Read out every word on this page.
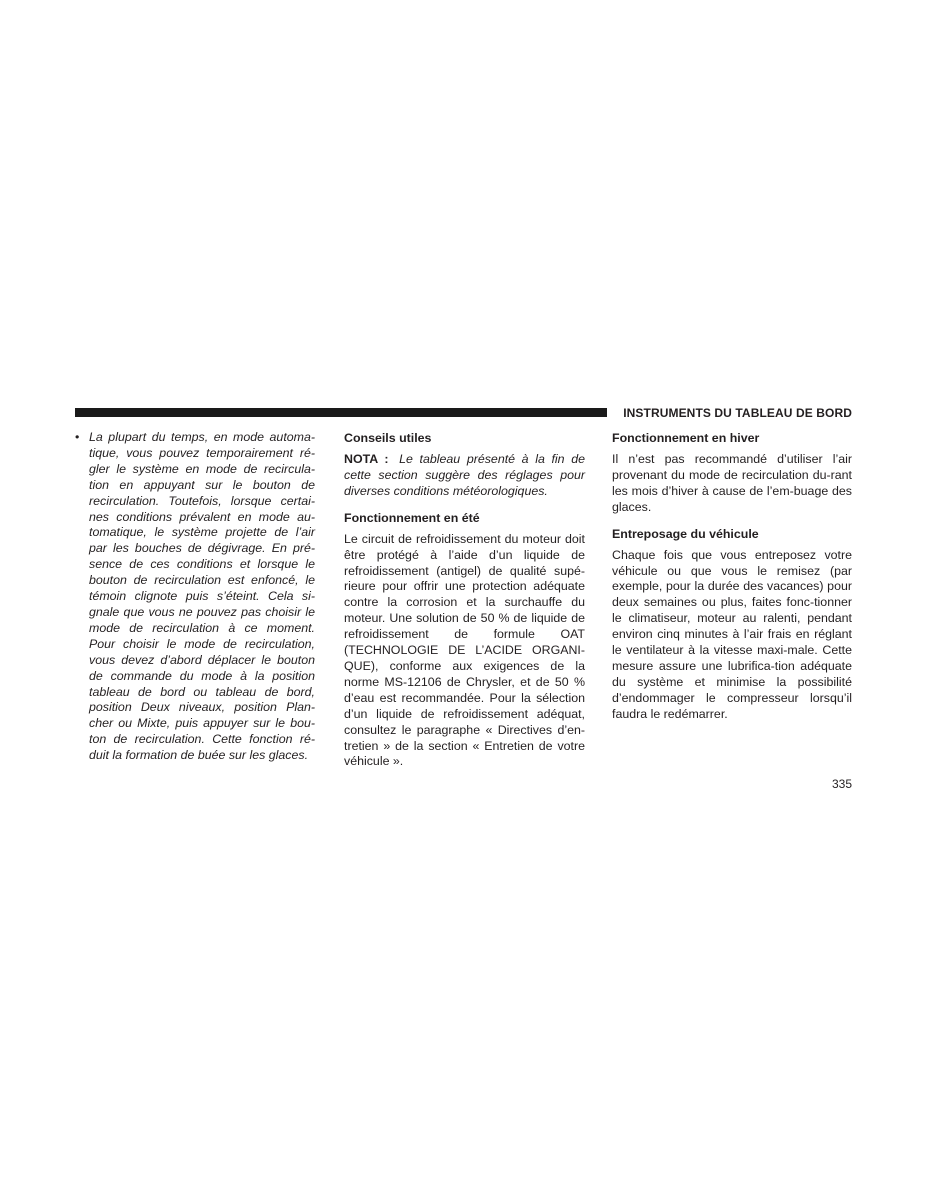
INSTRUMENTS DU TABLEAU DE BORD
• La plupart du temps, en mode automa-tique, vous pouvez temporairement ré-gler le système en mode de recircula-tion en appuyant sur le bouton de recirculation. Toutefois, lorsque certai-nes conditions prévalent en mode au-tomatique, le système projette de l’air par les bouches de dégivrage. En pré-sence de ces conditions et lorsque le bouton de recirculation est enfoncé, le témoin clignote puis s’éteint. Cela si-gnale que vous ne pouvez pas choisir le mode de recirculation à ce moment. Pour choisir le mode de recirculation, vous devez d’abord déplacer le bouton de commande du mode à la position tableau de bord ou tableau de bord, position Deux niveaux, position Plan-cher ou Mixte, puis appuyer sur le bou-ton de recirculation. Cette fonction ré-duit la formation de buée sur les glaces.
Conseils utiles

NOTA : Le tableau présenté à la fin de cette section suggère des réglages pour diverses conditions météorologiques.

Fonctionnement en été

Le circuit de refroidissement du moteur doit être protégé à l’aide d’un liquide de refroidissement (antigel) de qualité supé-rieure pour offrir une protection adéquate contre la corrosion et la surchauffe du moteur. Une solution de 50 % de liquide de refroidissement de formule OAT (TECHNOLOGIE DE L’ACIDE ORGANI-QUE), conforme aux exigences de la norme MS-12106 de Chrysler, et de 50 % d’eau est recommandée. Pour la sélection d’un liquide de refroidissement adéquat, consultez le paragraphe « Directives d’en-tretien » de la section « Entretien de votre véhicule ».

Fonctionnement en hiver

Il n’est pas recommandé d’utiliser l’air provenant du mode de recirculation du-rant les mois d’hiver à cause de l’em-buage des glaces.

Entreposage du véhicule

Chaque fois que vous entreposez votre véhicule ou que vous le remisez (par exemple, pour la durée des vacances) pour deux semaines ou plus, faites fonc-tionner le climatiseur, moteur au ralenti, pendant environ cinq minutes à l’air frais en réglant le ventilateur à la vitesse maxi-male. Cette mesure assure une lubrifica-tion adéquate du système et minimise la possibilité d’endommager le compresseur lorsqu’il faudra le redémarrer.

335
